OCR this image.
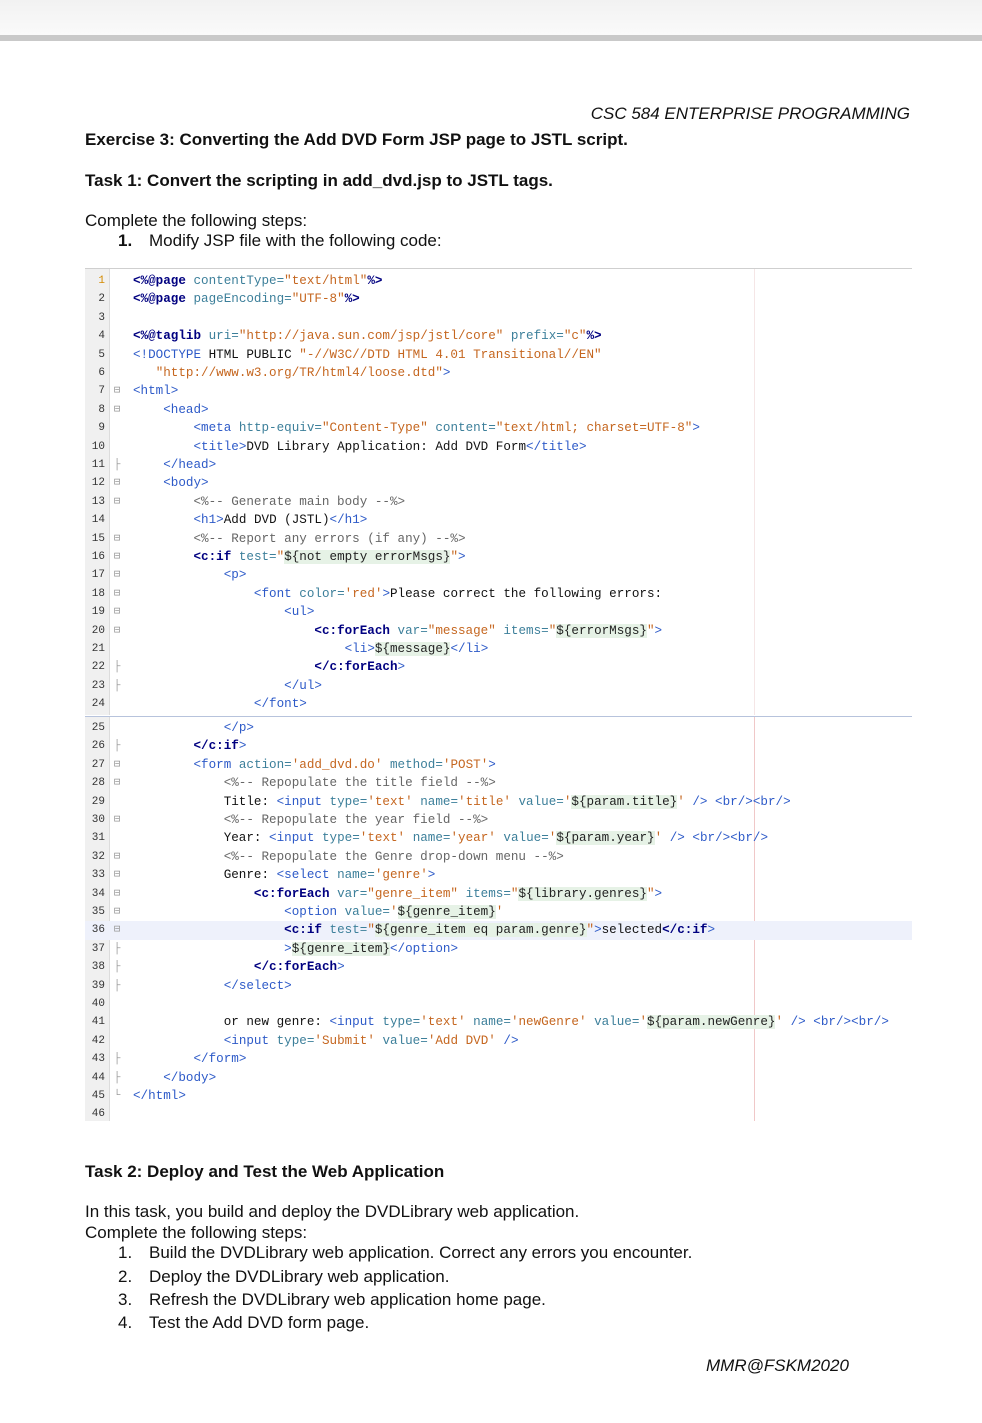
CSC 584 ENTERPRISE PROGRAMMING
Exercise 3: Converting the Add DVD Form JSP page to JSTL script.
Task 1: Convert the scripting in add_dvd.jsp to JSTL tags.
Complete the following steps:
1. Modify JSP file with the following code:
1 <%@page contentType="text/html"%>
2 <%@page pageEncoding="UTF-8"%>
3
4 <%@taglib uri="http://java.sun.com/jsp/jstl/core" prefix="c"%>
5 <!DOCTYPE HTML PUBLIC "-//W3C//DTD HTML 4.01 Transitional//EN"
6	"http://www.w3.org/TR/html4/loose.dtd">
7 ⊟ <html>
8 ⊟	<head>
9	<meta http-equiv="Content-Type" content="text/html; charset=UTF-8">
10	<title>DVD Library Application: Add DVD Form</title>
11 ├	</head>
12 ⊟	<body>
13 ⊟ <%-- Generate main body --%>
14	<h1>Add DVD (JSTL)</h1>
15 ⊟ <%-- Report any errors (if any) --%>
16 ⊟	<c:if test="${not empty errorMsgs}">
17 ⊟	<p>
18 ⊟	<font color='red'>Please correct the following errors:
19 ⊟	<ul>
20 ⊟	<c:forEach var="message" items="${errorMsgs}">
21	<li>${message}</li>
22 ├	</c:forEach>
23 ├	</ul>
24	</font>
25	</p>
26 ├	</c:if>
27 ⊟	<form action='add_dvd.do' method='POST'>
28 ⊟ <%-- Repopulate the title field --%>
29 Title: <input type='text' name='title' value='${param.title}' /> <br/><br/>
30 ⊟ <%-- Repopulate the year field --%>
31 Year: <input type='text' name='year' value='${param.year}' /> <br/><br/>
32 ⊟ <%-- Repopulate the Genre drop-down menu --%>
33 ⊟ Genre: <select name='genre'>
34 ⊟	<c:forEach var="genre_item" items="${library.genres}">
35 ⊟	<option value='${genre_item}'
36 ⊟	<c:if test="${genre_item eq param.genre}">selected</c:if>
37 ├	>${genre_item}</option>
38 ├	</c:forEach>
39 ├	</select>
40
41 or new genre: <input type='text' name='newGenre' value='${param.newGenre}' /> <br/><br/>
42	<input type='Submit' value='Add DVD' />
43 ├	</form>
44 ├	</body>
45 └ </html>
46
Task 2: Deploy and Test the Web Application
In this task, you build and deploy the DVDLibrary web application.
Complete the following steps:
1. Build the DVDLibrary web application. Correct any errors you encounter.
2. Deploy the DVDLibrary web application.
3. Refresh the DVDLibrary web application home page.
4. Test the Add DVD form page.
MMR@FSKM2020
